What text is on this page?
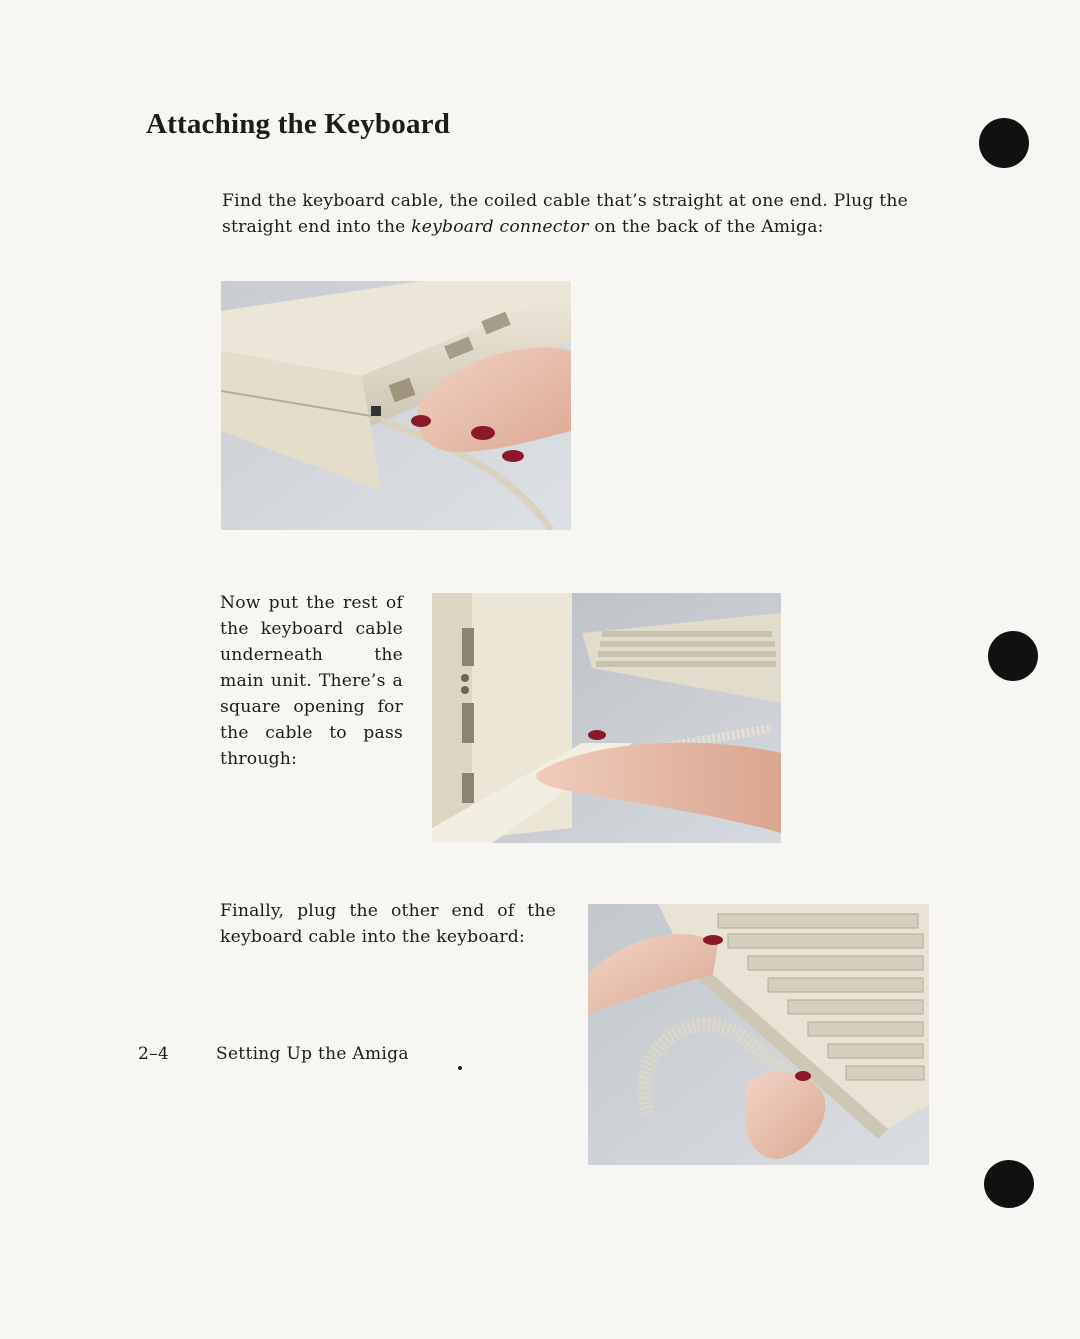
Attaching the Keyboard

Find the keyboard cable, the coiled cable that’s straight at one end. Plug the straight end into the keyboard connector on the back of the Amiga:

Now put the rest of the keyboard cable underneath the main unit. There’s a square opening for the cable to pass through:

Finally, plug the other end of the keyboard cable into the keyboard:

2–4	Setting Up the Amiga
